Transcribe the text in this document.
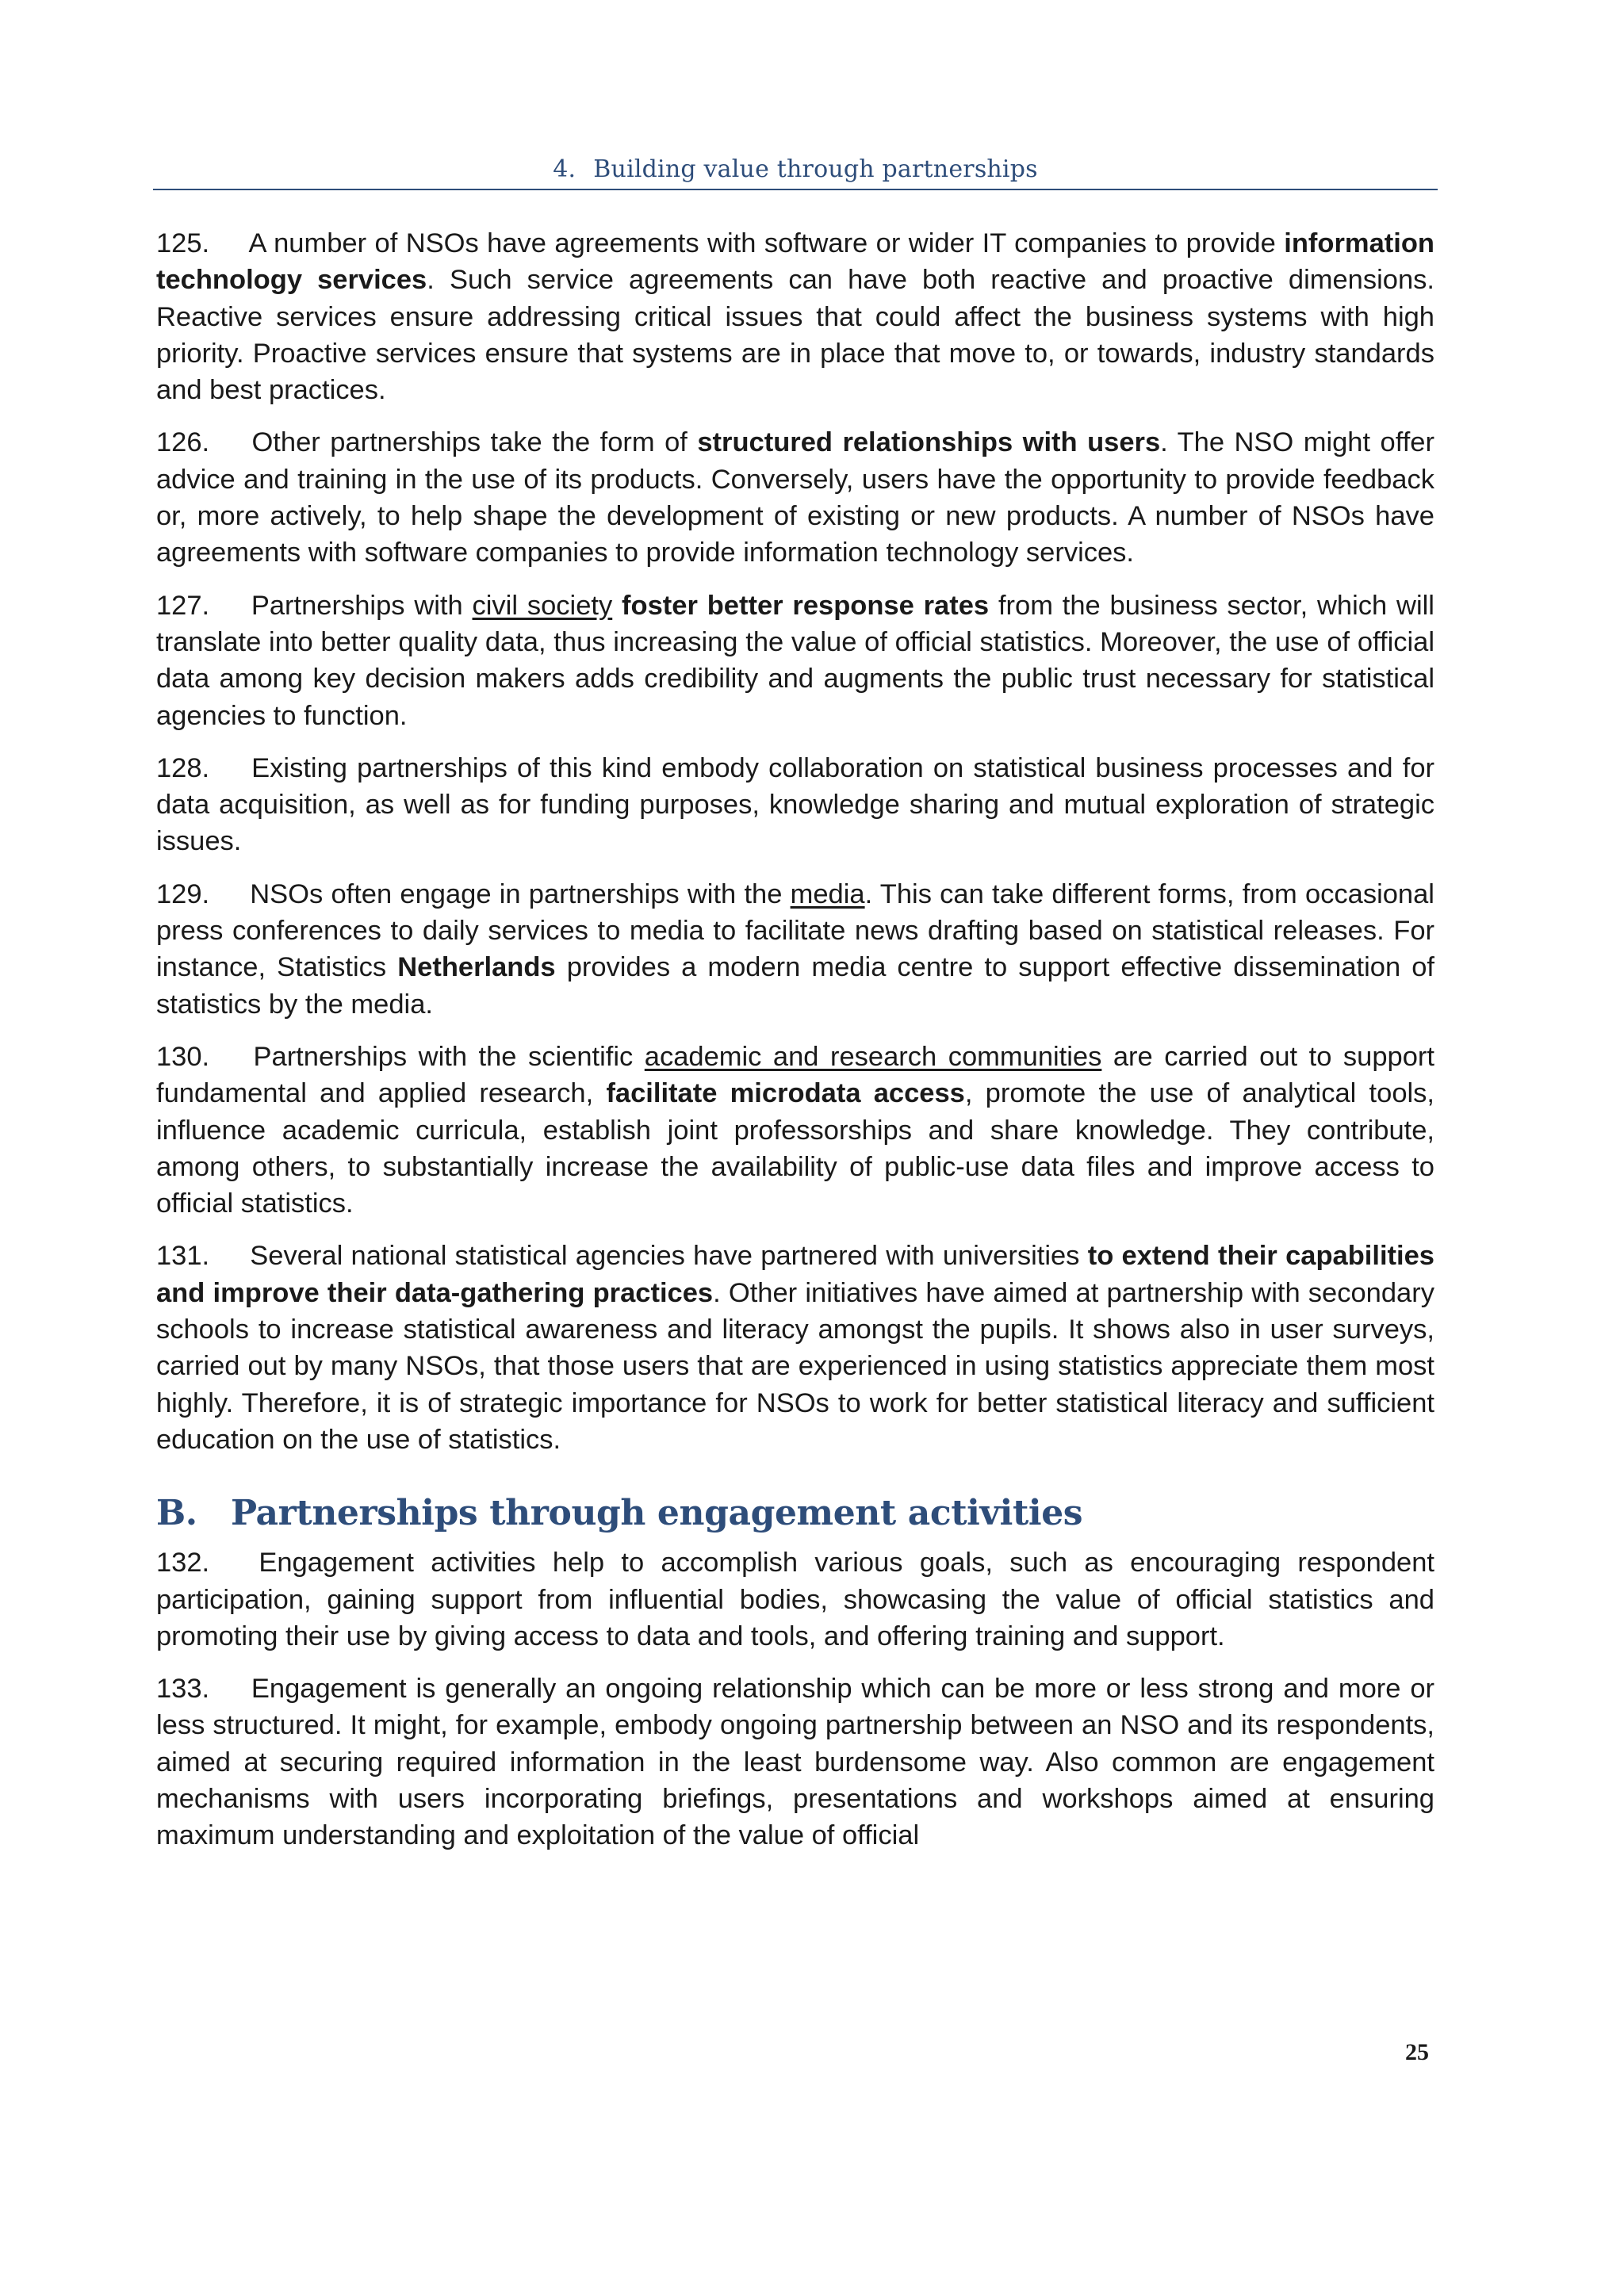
4. Building value through partnerships

125. A number of NSOs have agreements with software or wider IT companies to provide information technology services. Such service agreements can have both reactive and proactive dimensions. Reactive services ensure addressing critical issues that could affect the business systems with high priority. Proactive services ensure that systems are in place that move to, or towards, industry standards and best practices.

126. Other partnerships take the form of structured relationships with users. The NSO might offer advice and training in the use of its products. Conversely, users have the opportunity to provide feedback or, more actively, to help shape the development of existing or new products. A number of NSOs have agreements with software companies to provide information technology services.

127. Partnerships with civil society foster better response rates from the business sector, which will translate into better quality data, thus increasing the value of official statistics. Moreover, the use of official data among key decision makers adds credibility and augments the public trust necessary for statistical agencies to function.

128. Existing partnerships of this kind embody collaboration on statistical business processes and for data acquisition, as well as for funding purposes, knowledge sharing and mutual exploration of strategic issues.

129. NSOs often engage in partnerships with the media. This can take different forms, from occasional press conferences to daily services to media to facilitate news drafting based on statistical releases. For instance, Statistics Netherlands provides a modern media centre to support effective dissemination of statistics by the media.

130. Partnerships with the scientific academic and research communities are carried out to support fundamental and applied research, facilitate microdata access, promote the use of analytical tools, influence academic curricula, establish joint professorships and share knowledge. They contribute, among others, to substantially increase the availability of public-use data files and improve access to official statistics.

131. Several national statistical agencies have partnered with universities to extend their capabilities and improve their data-gathering practices. Other initiatives have aimed at partnership with secondary schools to increase statistical awareness and literacy amongst the pupils. It shows also in user surveys, carried out by many NSOs, that those users that are experienced in using statistics appreciate them most highly. Therefore, it is of strategic importance for NSOs to work for better statistical literacy and sufficient education on the use of statistics.

B. Partnerships through engagement activities

132. Engagement activities help to accomplish various goals, such as encouraging respondent participation, gaining support from influential bodies, showcasing the value of official statistics and promoting their use by giving access to data and tools, and offering training and support.

133. Engagement is generally an ongoing relationship which can be more or less strong and more or less structured. It might, for example, embody ongoing partnership between an NSO and its respondents, aimed at securing required information in the least burdensome way. Also common are engagement mechanisms with users incorporating briefings, presentations and workshops aimed at ensuring maximum understanding and exploitation of the value of official

25
